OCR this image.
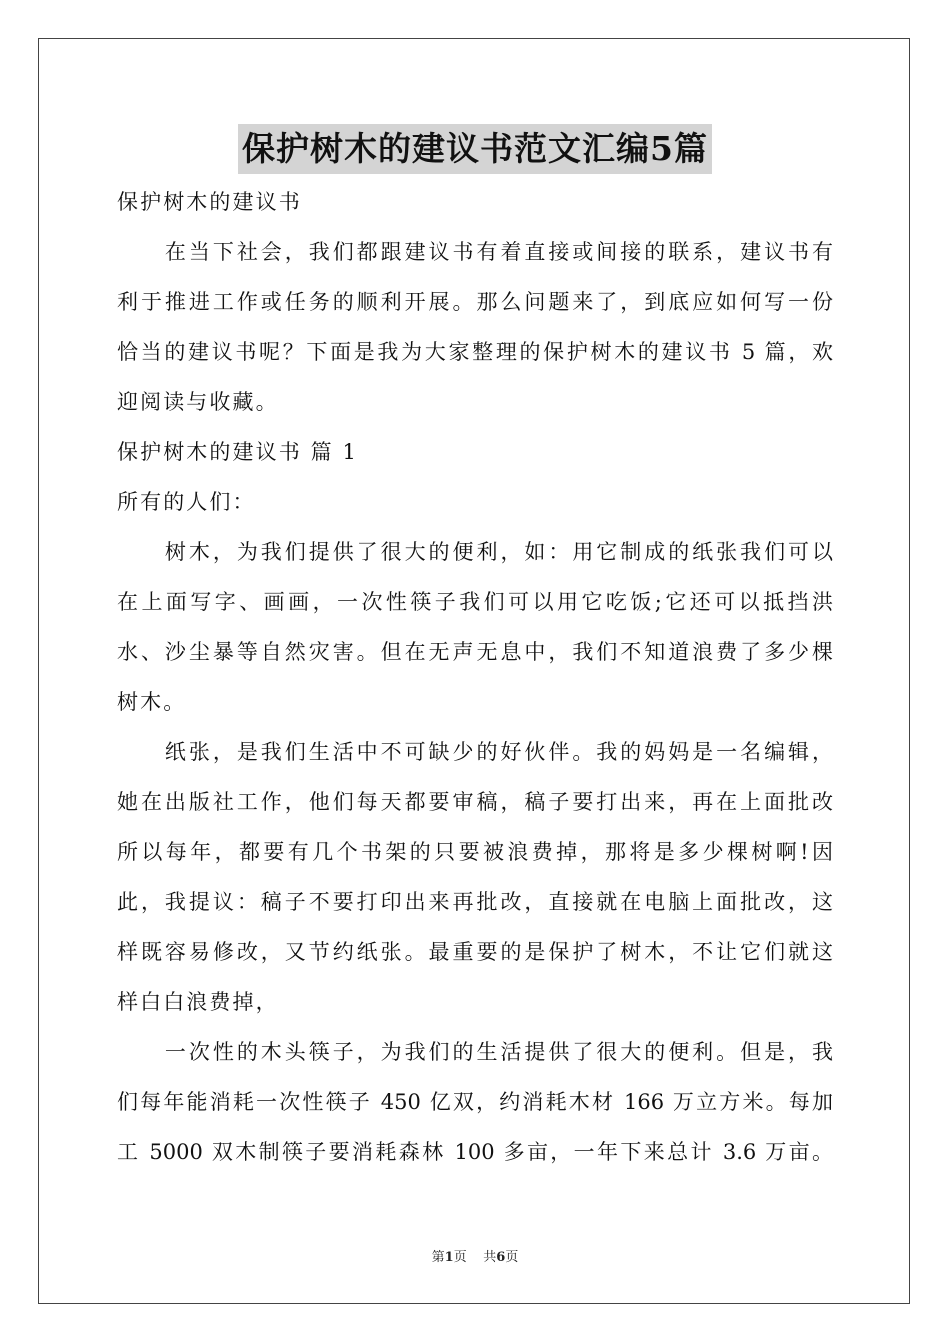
保护树木的建议书范文汇编5篇
保护树木的建议书
　　在当下社会，我们都跟建议书有着直接或间接的联系，建议书有
利于推进工作或任务的顺利开展。那么问题来了，到底应如何写一份
恰当的建议书呢？下面是我为大家整理的保护树木的建议书 5 篇，欢
迎阅读与收藏。
保护树木的建议书 篇 1
所有的人们：
　　树木，为我们提供了很大的便利，如：用它制成的纸张我们可以
在上面写字、画画，一次性筷子我们可以用它吃饭;它还可以抵挡洪
水、沙尘暴等自然灾害。但在无声无息中，我们不知道浪费了多少棵
树木。
　　纸张，是我们生活中不可缺少的好伙伴。我的妈妈是一名编辑，
她在出版社工作，他们每天都要审稿，稿子要打出来，再在上面批改
所以每年，都要有几个书架的只要被浪费掉，那将是多少棵树啊!因
此，我提议：稿子不要打印出来再批改，直接就在电脑上面批改，这
样既容易修改，又节约纸张。最重要的是保护了树木，不让它们就这
样白白浪费掉，
　　一次性的木头筷子，为我们的生活提供了很大的便利。但是，我
们每年能消耗一次性筷子 450 亿双，约消耗木材 166 万立方米。每加
工 5000 双木制筷子要消耗森林 100 多亩，一年下来总计 3.6 万亩。
第1页 共6页
